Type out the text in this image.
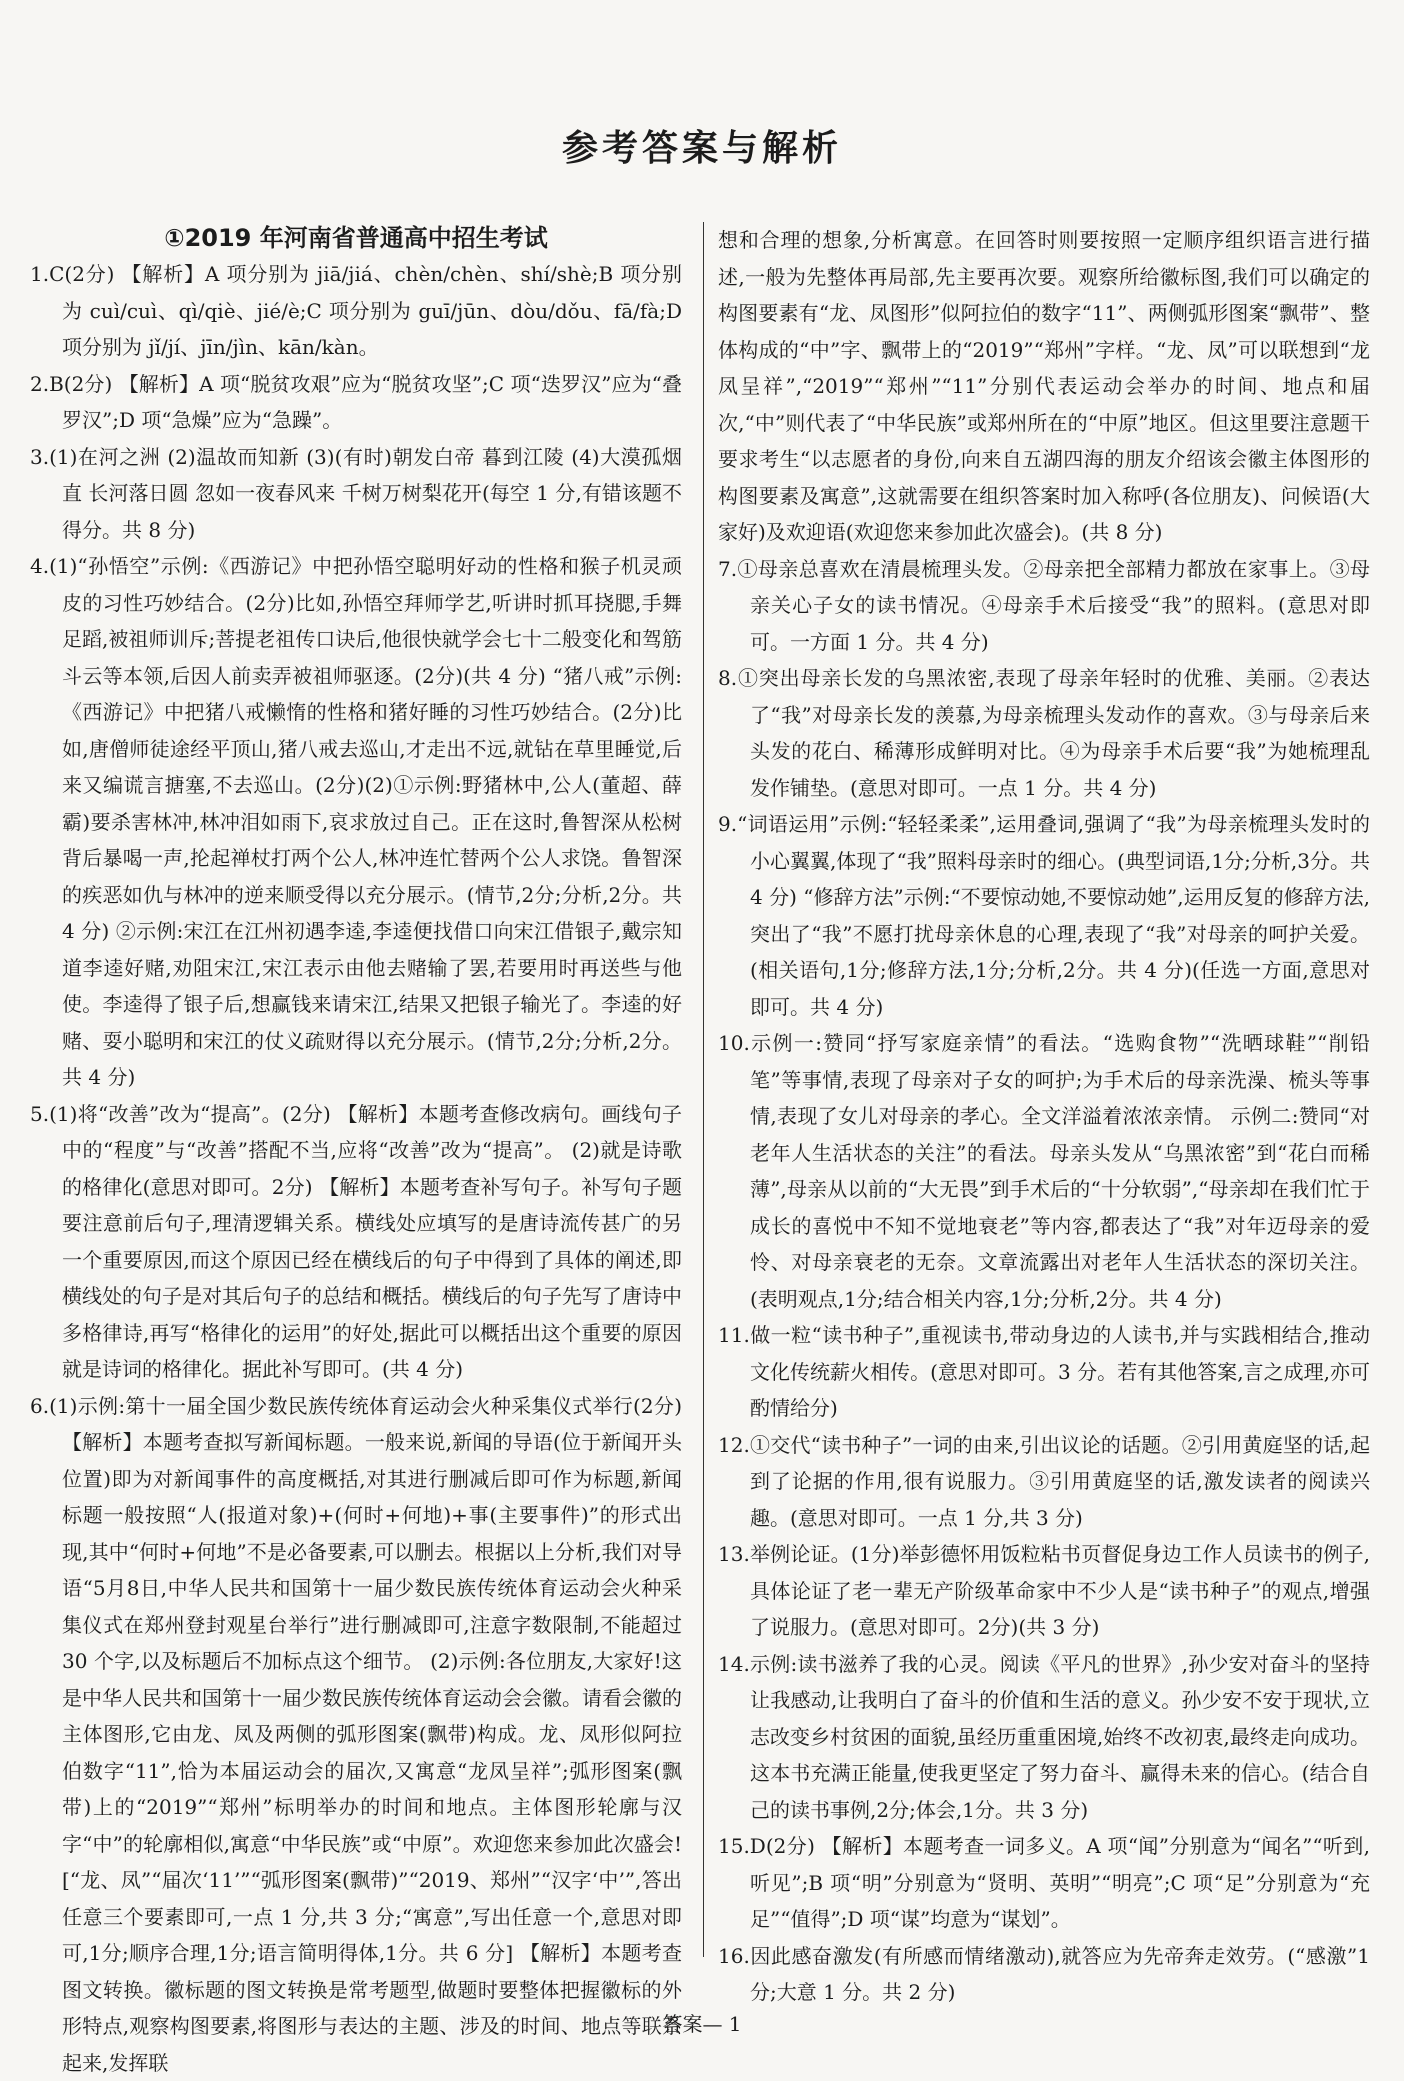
参考答案与解析
①2019 年河南省普通高中招生考试

1.C(2分) 【解析】A 项分别为 jiā/jiá、chèn/chèn、shí/shè;B 项分别为 cuì/cuì、qì/qiè、jié/è;C 项分别为 guī/jūn、dòu/dǒu、fā/fà;D 项分别为 jǐ/jí、jīn/jìn、kān/kàn。

2.B(2分) 【解析】A 项“脱贫攻艰”应为“脱贫攻坚”;C 项“迭罗汉”应为“叠罗汉”;D 项“急燥”应为“急躁”。

3.(1)在河之洲 (2)温故而知新 (3)(有时)朝发白帝 暮到江陵 (4)大漠孤烟直 长河落日圆 忽如一夜春风来 千树万树梨花开(每空 1 分,有错该题不得分。共 8 分)

4.(1)“孙悟空”示例:《西游记》中把孙悟空聪明好动的性格和猴子机灵顽皮的习性巧妙结合。(2分)比如,孙悟空拜师学艺,听讲时抓耳挠腮,手舞足蹈,被祖师训斥;菩提老祖传口诀后,他很快就学会七十二般变化和驾筋斗云等本领,后因人前卖弄被祖师驱逐。(2分)(共 4 分) “猪八戒”示例:《西游记》中把猪八戒懒惰的性格和猪好睡的习性巧妙结合。(2分)比如,唐僧师徒途经平顶山,猪八戒去巡山,才走出不远,就钻在草里睡觉,后来又编谎言搪塞,不去巡山。(2分)(2)①示例:野猪林中,公人(董超、薛霸)要杀害林冲,林冲泪如雨下,哀求放过自己。正在这时,鲁智深从松树背后暴喝一声,抡起禅杖打两个公人,林冲连忙替两个公人求饶。鲁智深的疾恶如仇与林冲的逆来顺受得以充分展示。(情节,2分;分析,2分。共 4 分) ②示例:宋江在江州初遇李逵,李逵便找借口向宋江借银子,戴宗知道李逵好赌,劝阻宋江,宋江表示由他去赌输了罢,若要用时再送些与他使。李逵得了银子后,想赢钱来请宋江,结果又把银子输光了。李逵的好赌、耍小聪明和宋江的仗义疏财得以充分展示。(情节,2分;分析,2分。共 4 分)

5.(1)将“改善”改为“提高”。(2分) 【解析】本题考查修改病句。画线句子中的“程度”与“改善”搭配不当,应将“改善”改为“提高”。 (2)就是诗歌的格律化(意思对即可。2分) 【解析】本题考查补写句子。补写句子题要注意前后句子,理清逻辑关系。横线处应填写的是唐诗流传甚广的另一个重要原因,而这个原因已经在横线后的句子中得到了具体的阐述,即横线处的句子是对其后句子的总结和概括。横线后的句子先写了唐诗中多格律诗,再写“格律化的运用”的好处,据此可以概括出这个重要的原因就是诗词的格律化。据此补写即可。(共 4 分)

6.(1)示例:第十一届全国少数民族传统体育运动会火种采集仪式举行(2分) 【解析】本题考查拟写新闻标题。一般来说,新闻的导语(位于新闻开头位置)即为对新闻事件的高度概括,对其进行删减后即可作为标题,新闻标题一般按照“人(报道对象)+(何时+何地)+事(主要事件)”的形式出现,其中“何时+何地”不是必备要素,可以删去。根据以上分析,我们对导语“5月8日,中华人民共和国第十一届少数民族传统体育运动会火种采集仪式在郑州登封观星台举行”进行删减即可,注意字数限制,不能超过 30 个字,以及标题后不加标点这个细节。 (2)示例:各位朋友,大家好!这是中华人民共和国第十一届少数民族传统体育运动会会徽。请看会徽的主体图形,它由龙、凤及两侧的弧形图案(飘带)构成。龙、凤形似阿拉伯数字“11”,恰为本届运动会的届次,又寓意“龙凤呈祥”;弧形图案(飘带)上的“2019”“郑州”标明举办的时间和地点。主体图形轮廓与汉字“中”的轮廓相似,寓意“中华民族”或“中原”。欢迎您来参加此次盛会! [“龙、凤”“届次‘11’”“弧形图案(飘带)”“2019、郑州”“汉字‘中’”,答出任意三个要素即可,一点 1 分,共 3 分;“寓意”,写出任意一个,意思对即可,1分;顺序合理,1分;语言简明得体,1分。共 6 分] 【解析】本题考查图文转换。徽标题的图文转换是常考题型,做题时要整体把握徽标的外形特点,观察构图要素,将图形与表达的主题、涉及的时间、地点等联系起来,发挥联

想和合理的想象,分析寓意。在回答时则要按照一定顺序组织语言进行描述,一般为先整体再局部,先主要再次要。观察所给徽标图,我们可以确定的构图要素有“龙、凤图形”似阿拉伯的数字“11”、两侧弧形图案“飘带”、整体构成的“中”字、飘带上的“2019”“郑州”字样。“龙、凤”可以联想到“龙凤呈祥”,“2019”“郑州”“11”分别代表运动会举办的时间、地点和届次,“中”则代表了“中华民族”或郑州所在的“中原”地区。但这里要注意题干要求考生“以志愿者的身份,向来自五湖四海的朋友介绍该会徽主体图形的构图要素及寓意”,这就需要在组织答案时加入称呼(各位朋友)、问候语(大家好)及欢迎语(欢迎您来参加此次盛会)。(共 8 分)

7.①母亲总喜欢在清晨梳理头发。②母亲把全部精力都放在家事上。③母亲关心子女的读书情况。④母亲手术后接受“我”的照料。(意思对即可。一方面 1 分。共 4 分)

8.①突出母亲长发的乌黑浓密,表现了母亲年轻时的优雅、美丽。②表达了“我”对母亲长发的羡慕,为母亲梳理头发动作的喜欢。③与母亲后来头发的花白、稀薄形成鲜明对比。④为母亲手术后要“我”为她梳理乱发作铺垫。(意思对即可。一点 1 分。共 4 分)

9.“词语运用”示例:“轻轻柔柔”,运用叠词,强调了“我”为母亲梳理头发时的小心翼翼,体现了“我”照料母亲时的细心。(典型词语,1分;分析,3分。共 4 分) “修辞方法”示例:“不要惊动她,不要惊动她”,运用反复的修辞方法,突出了“我”不愿打扰母亲休息的心理,表现了“我”对母亲的呵护关爱。(相关语句,1分;修辞方法,1分;分析,2分。共 4 分)(任选一方面,意思对即可。共 4 分)

10.示例一:赞同“抒写家庭亲情”的看法。“选购食物”“洗晒球鞋”“削铅笔”等事情,表现了母亲对子女的呵护;为手术后的母亲洗澡、梳头等事情,表现了女儿对母亲的孝心。全文洋溢着浓浓亲情。 示例二:赞同“对老年人生活状态的关注”的看法。母亲头发从“乌黑浓密”到“花白而稀薄”,母亲从以前的“大无畏”到手术后的“十分软弱”,“母亲却在我们忙于成长的喜悦中不知不觉地衰老”等内容,都表达了“我”对年迈母亲的爱怜、对母亲衰老的无奈。文章流露出对老年人生活状态的深切关注。(表明观点,1分;结合相关内容,1分;分析,2分。共 4 分)

11.做一粒“读书种子”,重视读书,带动身边的人读书,并与实践相结合,推动文化传统薪火相传。(意思对即可。3 分。若有其他答案,言之成理,亦可酌情给分)

12.①交代“读书种子”一词的由来,引出议论的话题。②引用黄庭坚的话,起到了论据的作用,很有说服力。③引用黄庭坚的话,激发读者的阅读兴趣。(意思对即可。一点 1 分,共 3 分)

13.举例论证。(1分)举彭德怀用饭粒粘书页督促身边工作人员读书的例子,具体论证了老一辈无产阶级革命家中不少人是“读书种子”的观点,增强了说服力。(意思对即可。2分)(共 3 分)

14.示例:读书滋养了我的心灵。阅读《平凡的世界》,孙少安对奋斗的坚持让我感动,让我明白了奋斗的价值和生活的意义。孙少安不安于现状,立志改变乡村贫困的面貌,虽经历重重困境,始终不改初衷,最终走向成功。这本书充满正能量,使我更坚定了努力奋斗、赢得未来的信心。(结合自己的读书事例,2分;体会,1分。共 3 分)

15.D(2分) 【解析】本题考查一词多义。A 项“闻”分别意为“闻名”“听到,听见”;B 项“明”分别意为“贤明、英明”“明亮”;C 项“足”分别意为“充足”“值得”;D 项“谋”均意为“谋划”。

16.因此感奋激发(有所感而情绪激动),就答应为先帝奔走效劳。(“感激”1分;大意 1 分。共 2 分)

答案— 1
